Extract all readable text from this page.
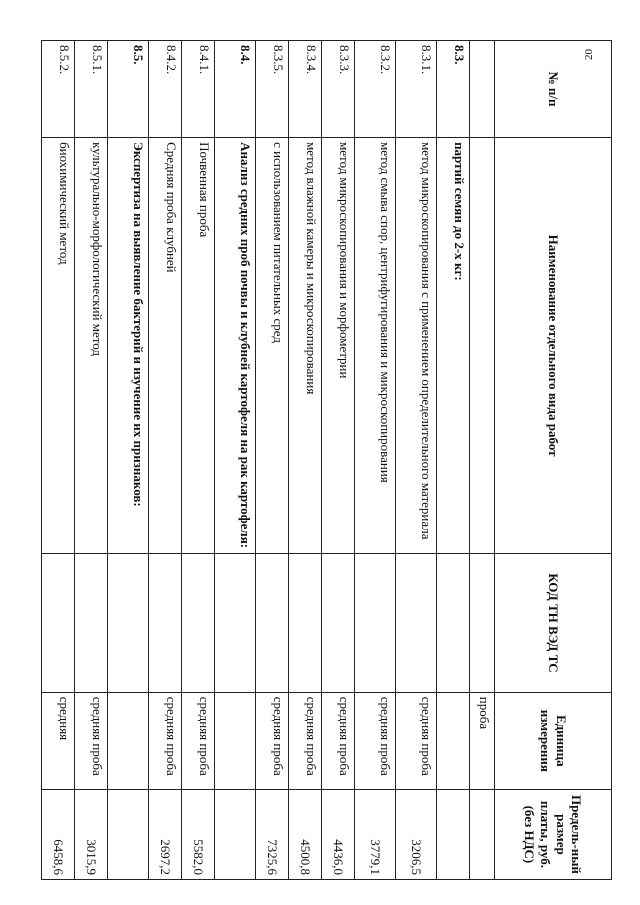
20
№ п/п	Наименование отдельного вида работ	КОД ТН ВЭД ТС	Единица измерения	Предель-ный размер платы, руб. (без НДС)
			проба	
8.3.	партий семян до 2-х кг:			
8.3.1.	метод микроскопирования с применением определительного материала		средняя проба	3206,5
8.3.2.	метод смыва спор, центрифугирования и микроскопирования		средняя проба	3779,1
8.3.3.	метод микроскопирования и морфометрии		средняя проба	4436,0
8.3.4.	метод влажной камеры и микроскопирования		средняя проба	4500,8
8.3.5.	с использованием питательных сред		средняя проба	7325,6
8.4.	Анализ средних проб почвы и клубней картофеля на рак картофеля:			
8.4.1.	Почвенная проба		средняя проба	5582,0
8.4.2.	Средняя проба клубней		средняя проба	2697,2
8.5.	Экспертиза на выявление бактерий и изучение их признаков:			
8.5.1.	культурально-морфологический метод		средняя проба	3015,9
8.5.2.	биохимический метод		средняя	6458,6
